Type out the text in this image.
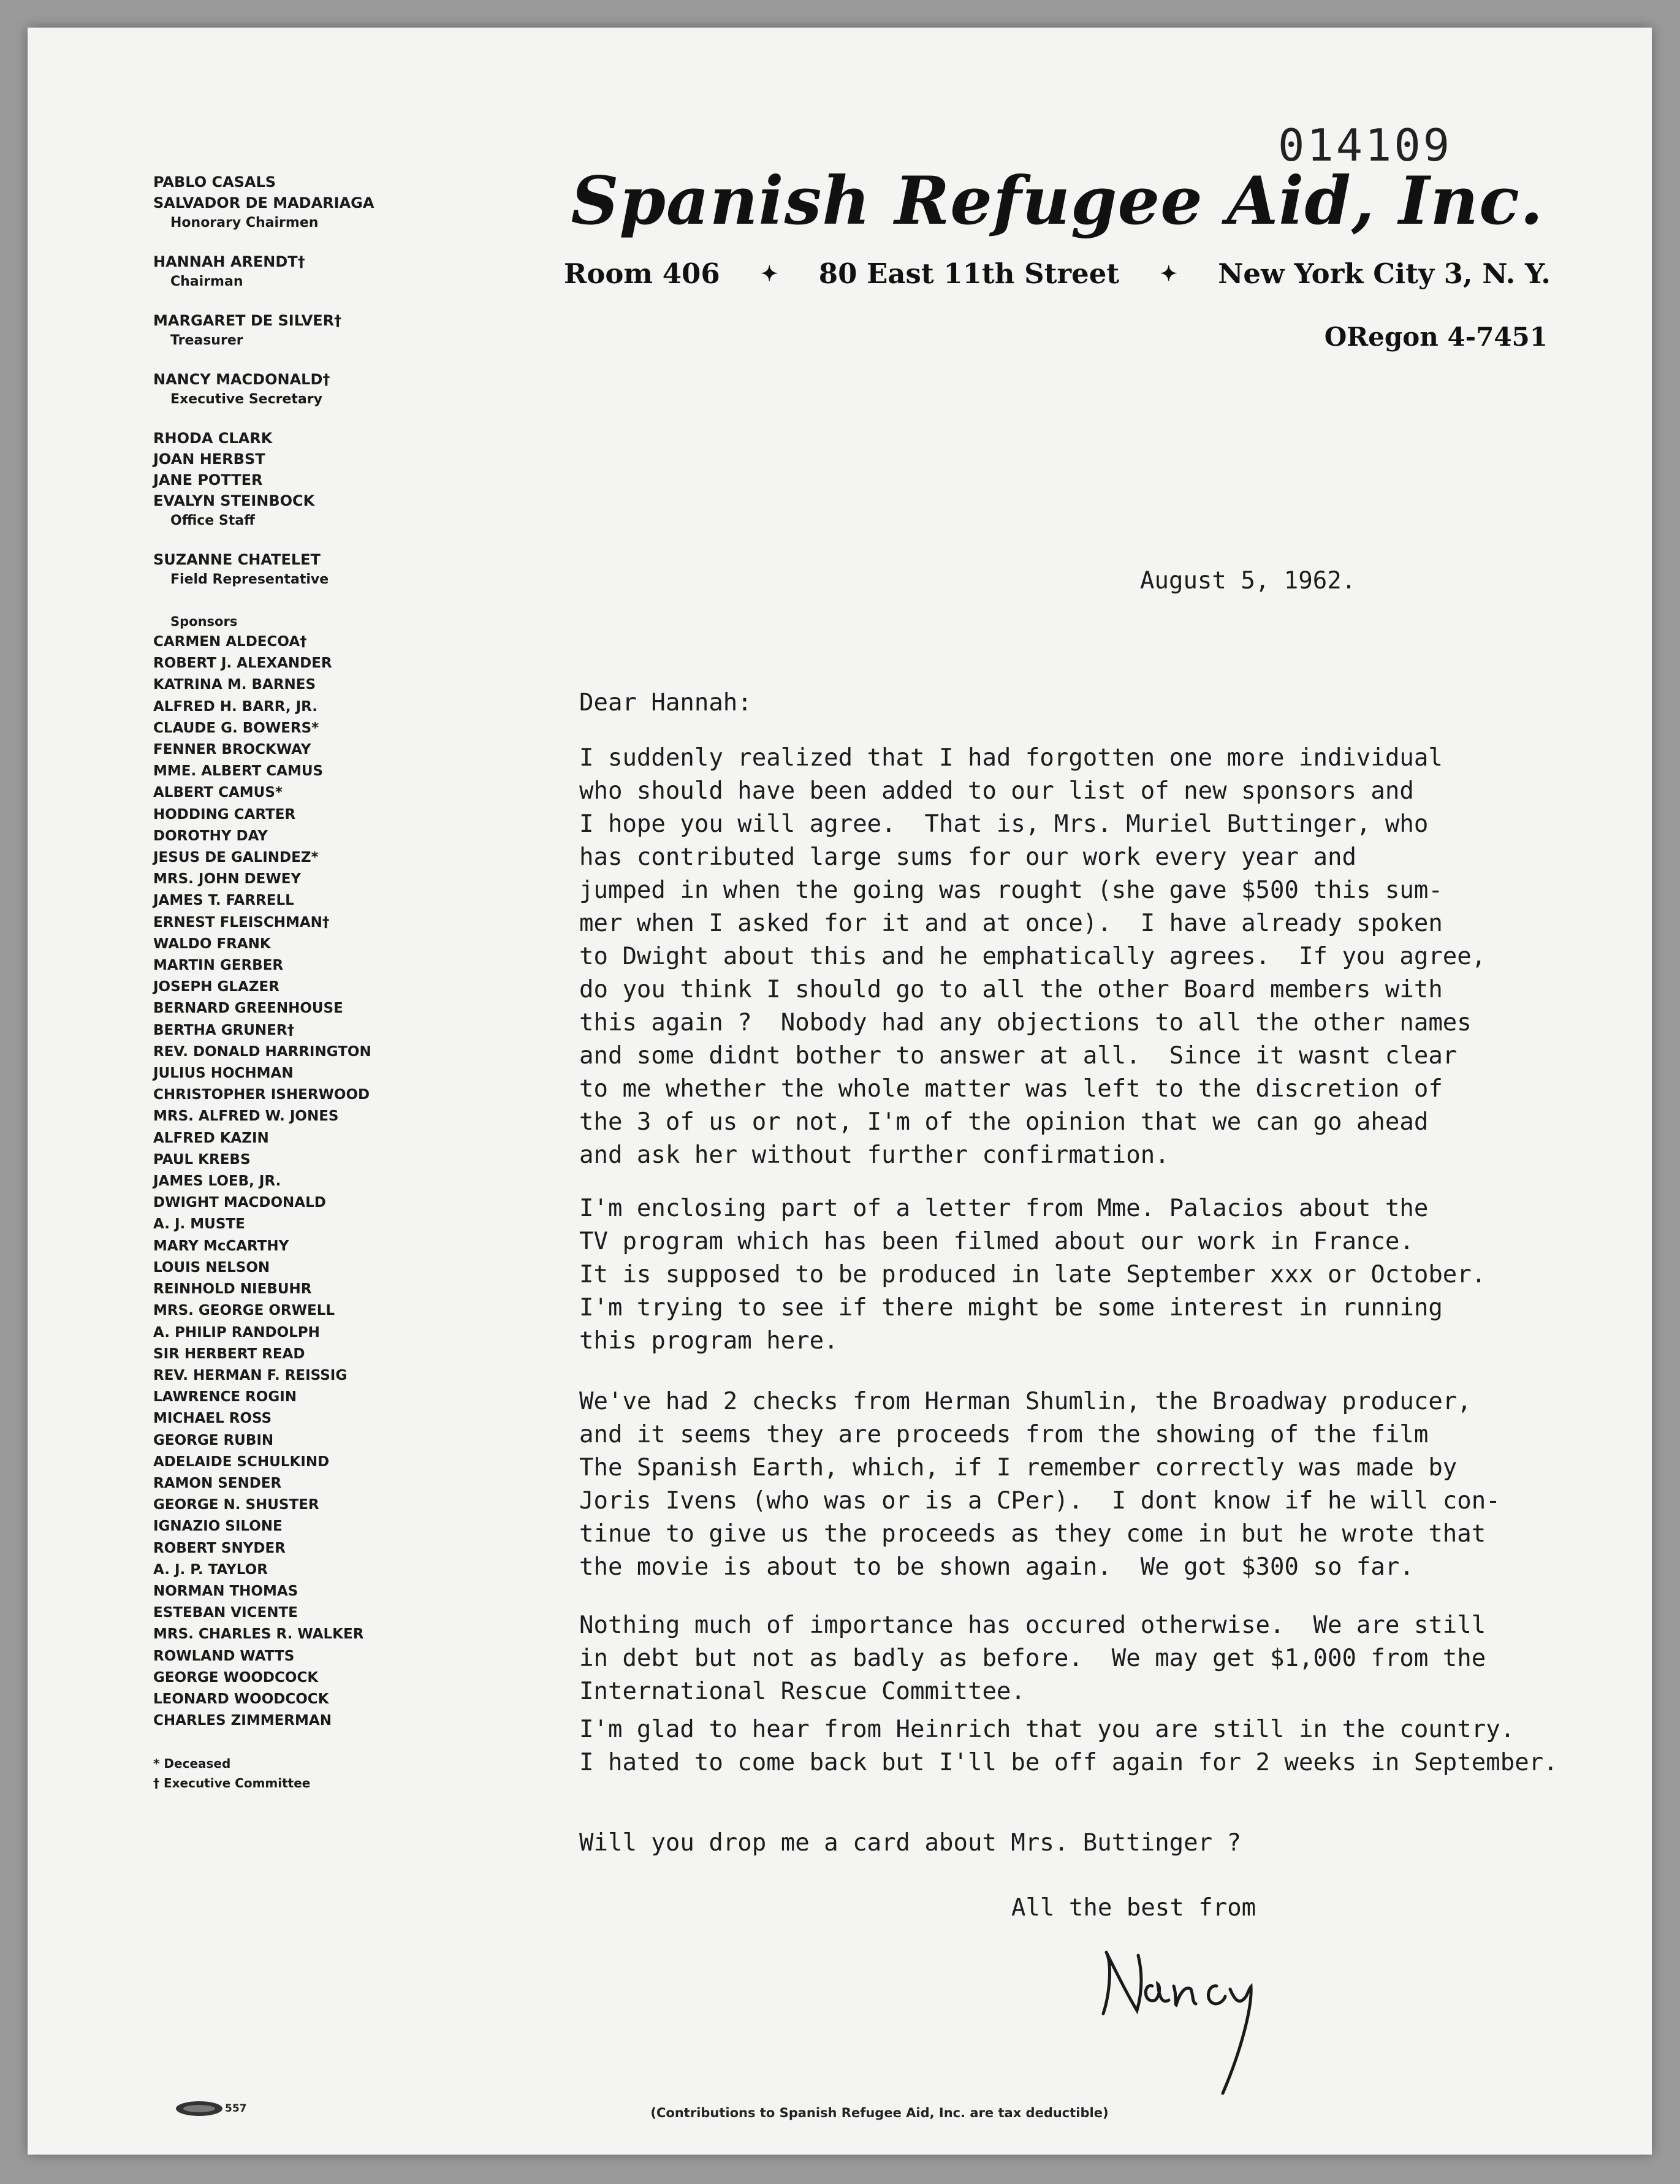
014109
Spanish Refugee Aid, Inc.
Room 406 ✦ 80 East 11th Street ✦ New York City 3, N. Y.
ORegon 4-7451
PABLO CASALS
SALVADOR DE MADARIAGA
Honorary Chairmen
HANNAH ARENDT†
Chairman
MARGARET DE SILVER†
Treasurer
NANCY MACDONALD†
Executive Secretary
RHODA CLARK
JOAN HERBST
JANE POTTER
EVALYN STEINBOCK
Office Staff
SUZANNE CHATELET
Field Representative
Sponsors
CARMEN ALDECOA†
ROBERT J. ALEXANDER
KATRINA M. BARNES
ALFRED H. BARR, JR.
CLAUDE G. BOWERS*
FENNER BROCKWAY
MME. ALBERT CAMUS
ALBERT CAMUS*
HODDING CARTER
DOROTHY DAY
JESUS DE GALINDEZ*
MRS. JOHN DEWEY
JAMES T. FARRELL
ERNEST FLEISCHMAN†
WALDO FRANK
MARTIN GERBER
JOSEPH GLAZER
BERNARD GREENHOUSE
BERTHA GRUNER†
REV. DONALD HARRINGTON
JULIUS HOCHMAN
CHRISTOPHER ISHERWOOD
MRS. ALFRED W. JONES
ALFRED KAZIN
PAUL KREBS
JAMES LOEB, JR.
DWIGHT MACDONALD
A. J. MUSTE
MARY McCARTHY
LOUIS NELSON
REINHOLD NIEBUHR
MRS. GEORGE ORWELL
A. PHILIP RANDOLPH
SIR HERBERT READ
REV. HERMAN F. REISSIG
LAWRENCE ROGIN
MICHAEL ROSS
GEORGE RUBIN
ADELAIDE SCHULKIND
RAMON SENDER
GEORGE N. SHUSTER
IGNAZIO SILONE
ROBERT SNYDER
A. J. P. TAYLOR
NORMAN THOMAS
ESTEBAN VICENTE
MRS. CHARLES R. WALKER
ROWLAND WATTS
GEORGE WOODCOCK
LEONARD WOODCOCK
CHARLES ZIMMERMAN
* Deceased
† Executive Committee
August 5, 1962.
Dear Hannah:
I suddenly realized that I had forgotten one more individual
who should have been added to our list of new sponsors and
I hope you will agree.  That is, Mrs. Muriel Buttinger, who
has contributed large sums for our work every year and
jumped in when the going was rought (she gave $500 this sum-
mer when I asked for it and at once).  I have already spoken
to Dwight about this and he emphatically agrees.  If you agree,
do you think I should go to all the other Board members with
this again ?  Nobody had any objections to all the other names
and some didnt bother to answer at all.  Since it wasnt clear
to me whether the whole matter was left to the discretion of
the 3 of us or not, I'm of the opinion that we can go ahead
and ask her without further confirmation.
I'm enclosing part of a letter from Mme. Palacios about the
TV program which has been filmed about our work in France.
It is supposed to be produced in late September xxx or October.
I'm trying to see if there might be some interest in running
this program here.
We've had 2 checks from Herman Shumlin, the Broadway producer,
and it seems they are proceeds from the showing of the film
The Spanish Earth, which, if I remember correctly was made by
Joris Ivens (who was or is a CPer).  I dont know if he will con-
tinue to give us the proceeds as they come in but he wrote that
the movie is about to be shown again.  We got $300 so far.
Nothing much of importance has occured otherwise.  We are still
in debt but not as badly as before.  We may get $1,000 from the
International Rescue Committee.
I'm glad to hear from Heinrich that you are still in the country.
I hated to come back but I'll be off again for 2 weeks in September.
Will you drop me a card about Mrs. Buttinger ?
All the best from
(Contributions to Spanish Refugee Aid, Inc. are tax deductible)
557
